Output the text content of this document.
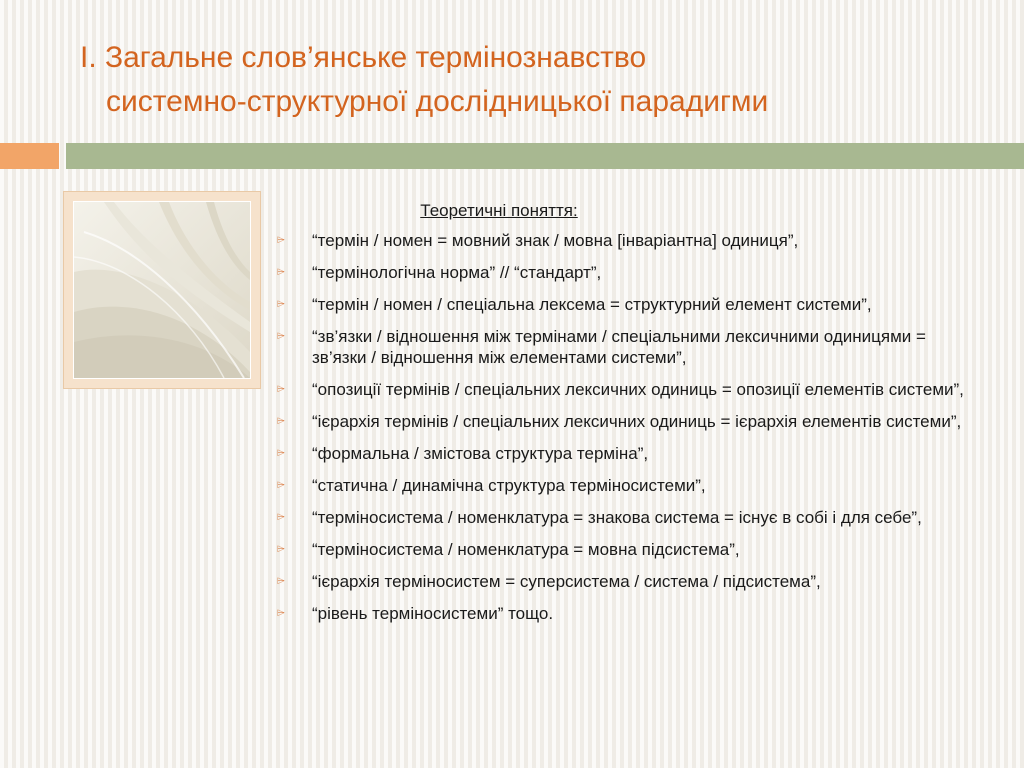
I. Загальне слов’янське термінознавство
системно-структурної дослідницької парадигми
Теоретичні поняття:
⌲ “термін / номен = мовний знак / мовна [інваріантна] одиниця”,
⌲ “термінологічна норма” // “стандарт”,
⌲ “термін / номен / спеціальна лексема = структурний елемент системи”,
⌲ “зв’язки / відношення між термінами / спеціальними лексичними одиницями = зв’язки / відношення між елементами системи”,
⌲ “опозиції термінів / спеціальних лексичних одиниць = опозиції елементів системи”,
⌲ “ієрархія термінів / спеціальних лексичних одиниць = ієрархія елементів системи”,
⌲ “формальна / змістова структура терміна”,
⌲ “статична / динамічна структура терміносистеми”,
⌲ “терміносистема / номенклатура = знакова система = існує в собі і для себе”,
⌲ “терміносистема / номенклатура = мовна підсистема”,
⌲ “ієрархія терміносистем = суперсистема / система / підсистема”,
⌲ “рівень терміносистеми” тощо.
